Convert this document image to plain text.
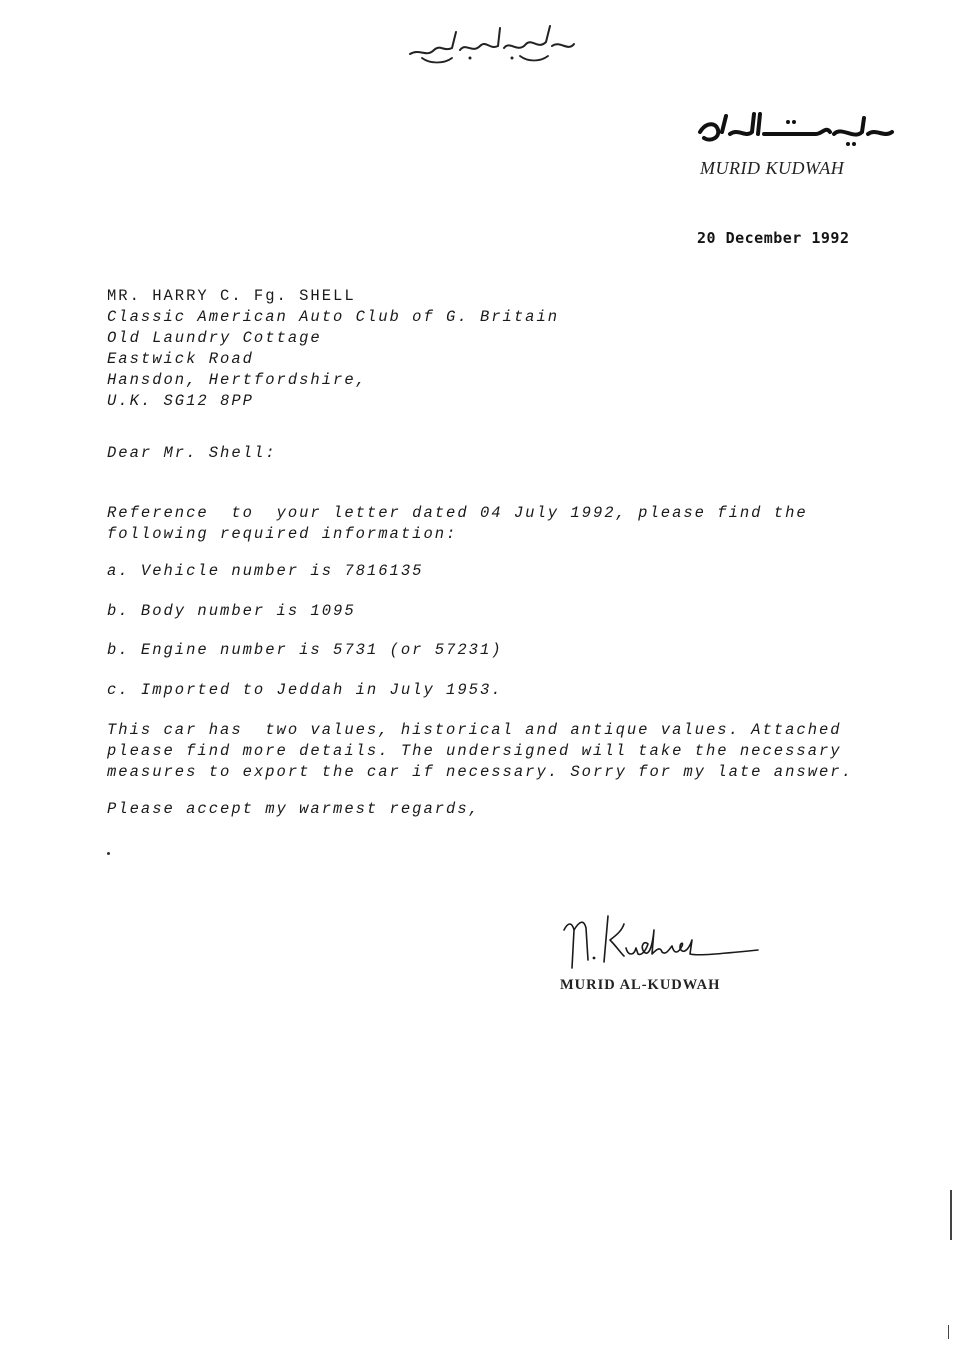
MURID KUDWAH
20 December 1992
MR. HARRY C. Fg. SHELL
Classic American Auto Club of G. Britain
Old Laundry Cottage
Eastwick Road
Hansdon, Hertfordshire,
U.K. SG12 8PP
Dear Mr. Shell:
Reference  to  your letter dated 04 July 1992, please find the
following required information:
a. Vehicle number is 7816135
b. Body number is 1095
b. Engine number is 5731 (or 57231)
c. Imported to Jeddah in July 1953.
This car has  two values, historical and antique values. Attached
please find more details. The undersigned will take the necessary
measures to export the car if necessary. Sorry for my late answer.
Please accept my warmest regards,
MURID AL-KUDWAH
